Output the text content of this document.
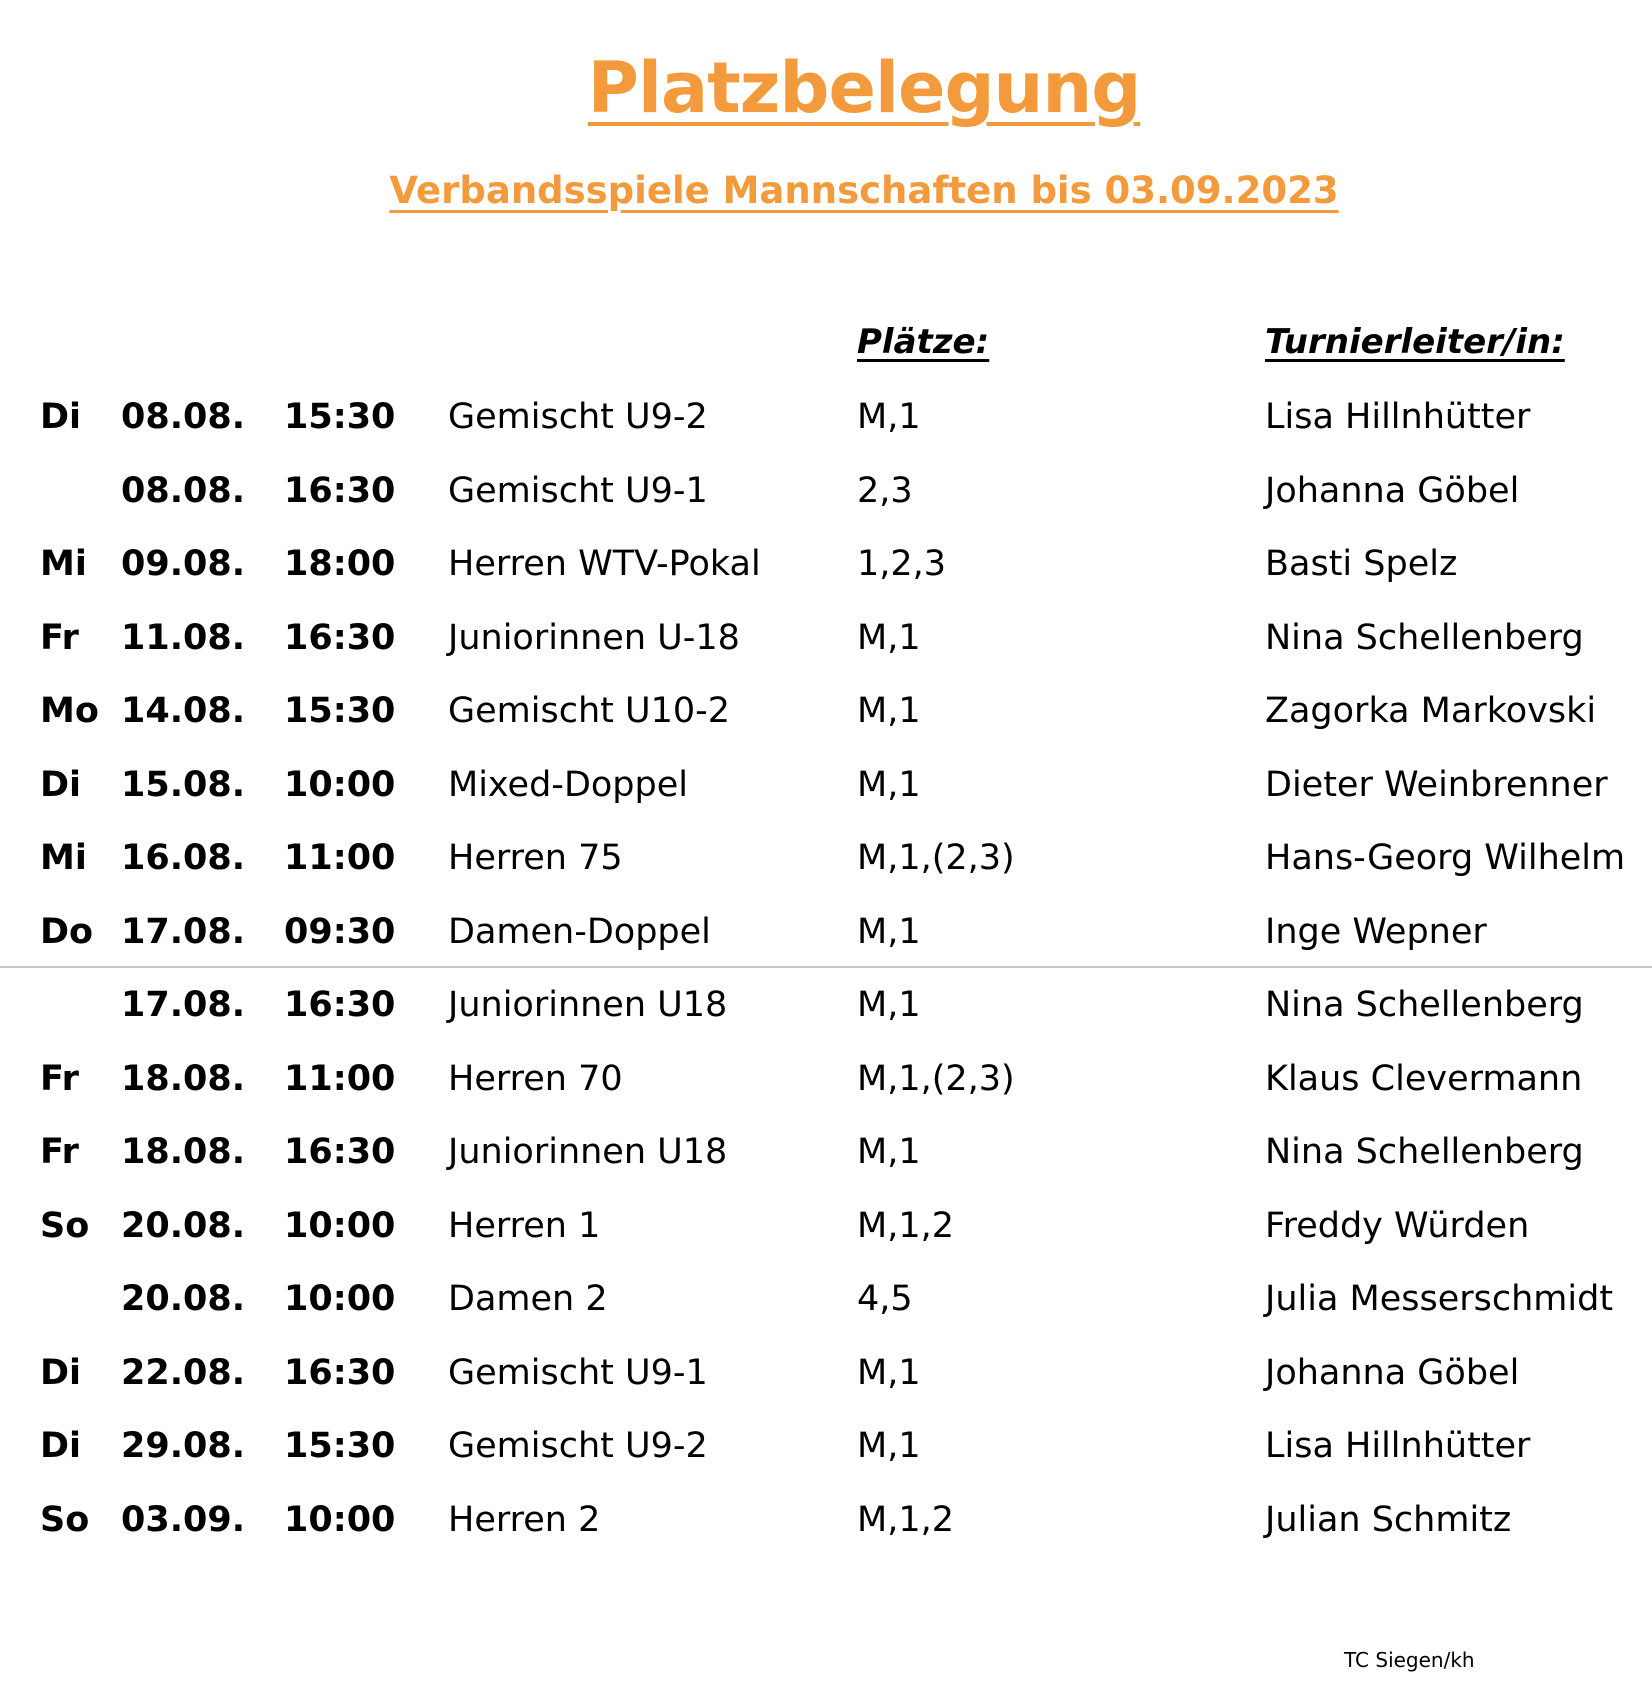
Platzbelegung
Verbandsspiele Mannschaften bis 03.09.2023
Plätze:	Turnierleiter/in:
Di 08.08. 15:30 Gemischt U9-2	M,1	Lisa Hillnhütter
08.08. 16:30 Gemischt U9-1	2,3	Johanna Göbel
Mi 09.08. 18:00 Herren WTV-Pokal	1,2,3	Basti Spelz
Fr 11.08. 16:30 Juniorinnen U-18	M,1	Nina Schellenberg
Mo 14.08. 15:30 Gemischt U10-2	M,1	Zagorka Markovski
Di 15.08. 10:00 Mixed-Doppel	M,1	Dieter Weinbrenner
Mi 16.08. 11:00 Herren 75	M,1,(2,3)	Hans-Georg Wilhelm
Do 17.08. 09:30 Damen-Doppel	M,1	Inge Wepner
17.08. 16:30 Juniorinnen U18	M,1	Nina Schellenberg
Fr 18.08. 11:00 Herren 70	M,1,(2,3)	Klaus Clevermann
Fr 18.08. 16:30 Juniorinnen U18	M,1	Nina Schellenberg
So 20.08. 10:00 Herren 1	M,1,2	Freddy Würden
20.08. 10:00 Damen 2	4,5	Julia Messerschmidt
Di 22.08. 16:30 Gemischt U9-1	M,1	Johanna Göbel
Di 29.08. 15:30 Gemischt U9-2	M,1	Lisa Hillnhütter
So 03.09. 10:00 Herren 2	M,1,2	Julian Schmitz
TC Siegen/kh
